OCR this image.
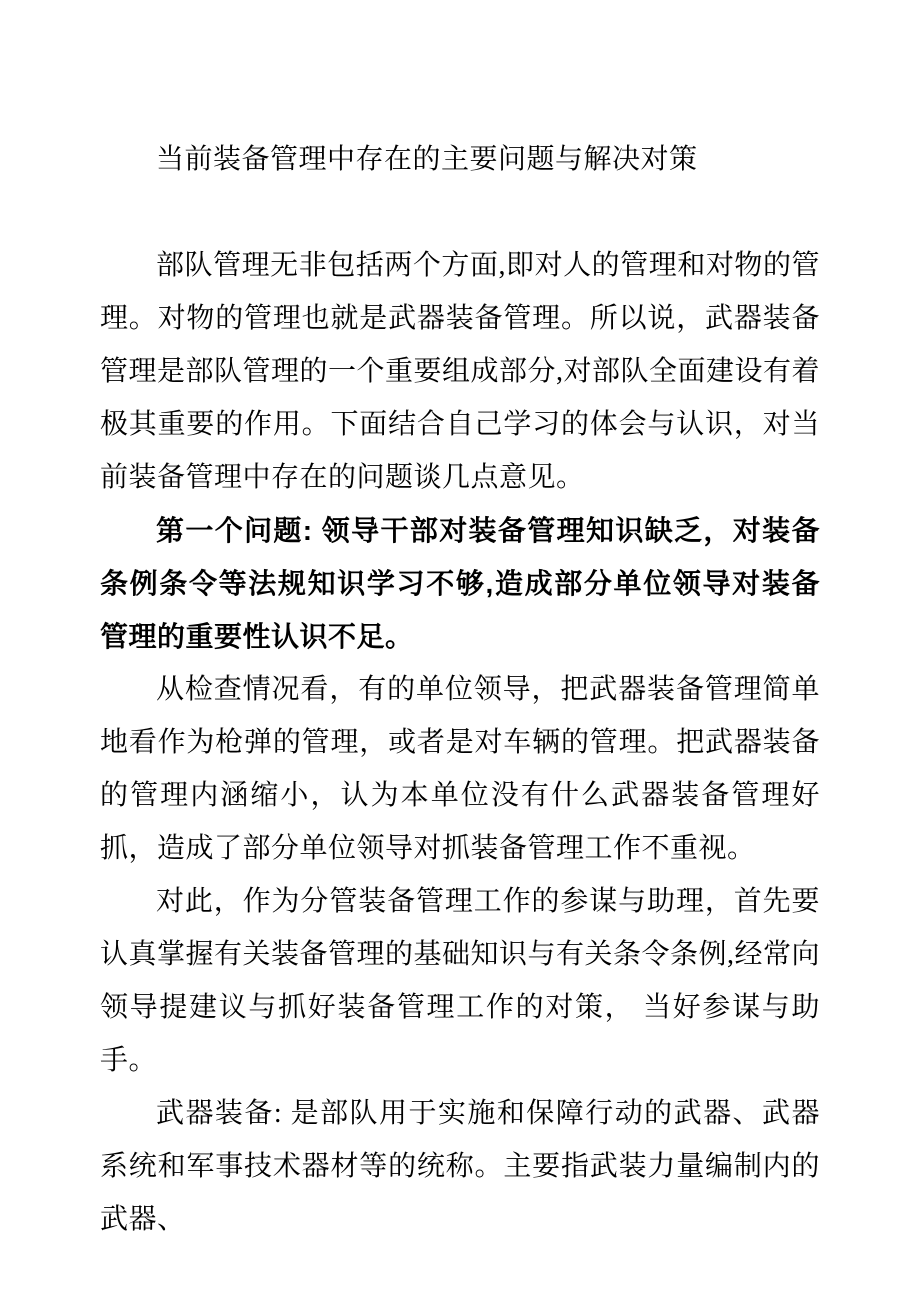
当前装备管理中存在的主要问题与解决对策

部队管理无非包括两个方面,即对人的管理和对物的管理。对物的管理也就是武器装备管理。所以说，武器装备管理是部队管理的一个重要组成部分,对部队全面建设有着极其重要的作用。下面结合自己学习的体会与认识，对当前装备管理中存在的问题谈几点意见。

第一个问题: 领导干部对装备管理知识缺乏，对装备条例条令等法规知识学习不够,造成部分单位领导对装备管理的重要性认识不足。

从检查情况看，有的单位领导，把武器装备管理简单地看作为枪弹的管理，或者是对车辆的管理。把武器装备的管理内涵缩小，认为本单位没有什么武器装备管理好抓，造成了部分单位领导对抓装备管理工作不重视。

对此，作为分管装备管理工作的参谋与助理，首先要认真掌握有关装备管理的基础知识与有关条令条例,经常向领导提建议与抓好装备管理工作的对策， 当好参谋与助手。

武器装备: 是部队用于实施和保障行动的武器、武器系统和军事技术器材等的统称。主要指武装力量编制内的武器、
